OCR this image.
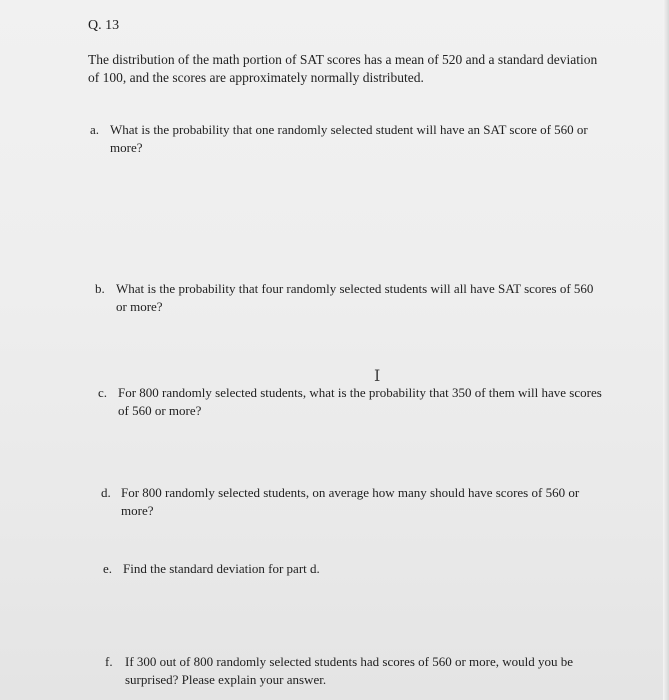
Q. 13
The distribution of the math portion of SAT scores has a mean of 520 and a standard deviation of 100, and the scores are approximately normally distributed.
a. What is the probability that one randomly selected student will have an SAT score of 560 or more?
b. What is the probability that four randomly selected students will all have SAT scores of 560 or more?
I
c. For 800 randomly selected students, what is the probability that 350 of them will have scores of 560 or more?
d. For 800 randomly selected students, on average how many should have scores of 560 or more?
e. Find the standard deviation for part d.
f. If 300 out of 800 randomly selected students had scores of 560 or more, would you be surprised? Please explain your answer.
